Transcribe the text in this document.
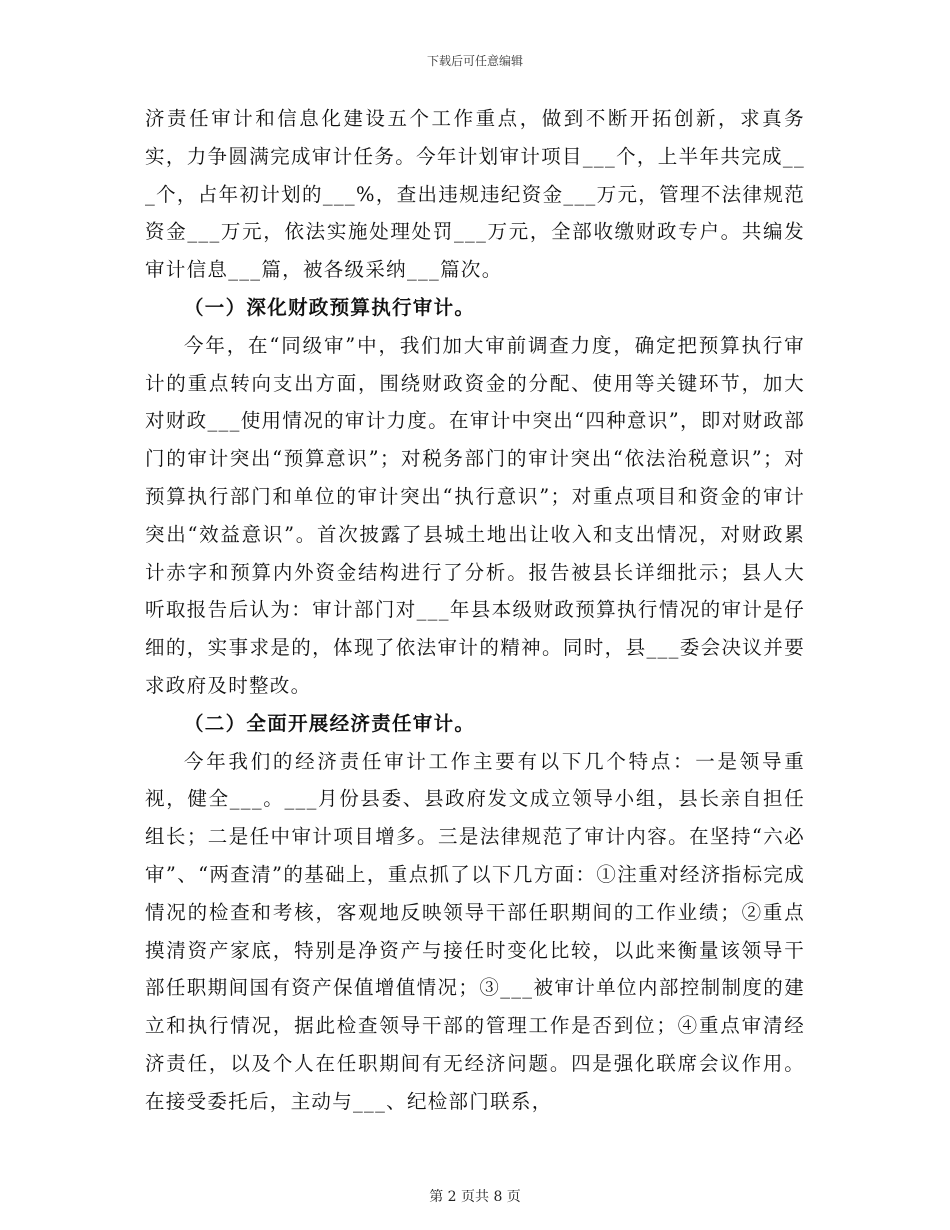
下载后可任意编辑

济责任审计和信息化建设五个工作重点，做到不断开拓创新，求真务实，力争圆满完成审计任务。今年计划审计项目___个，上半年共完成___个，占年初计划的___%，查出违规违纪资金___万元，管理不法律规范资金___万元，依法实施处理处罚___万元，全部收缴财政专户。共编发审计信息___篇，被各级采纳___篇次。

（一）深化财政预算执行审计。

今年，在“同级审”中，我们加大审前调查力度，确定把预算执行审计的重点转向支出方面，围绕财政资金的分配、使用等关键环节，加大对财政___使用情况的审计力度。在审计中突出“四种意识”，即对财政部门的审计突出“预算意识”；对税务部门的审计突出“依法治税意识”；对预算执行部门和单位的审计突出“执行意识”；对重点项目和资金的审计突出“效益意识”。首次披露了县城土地出让收入和支出情况，对财政累计赤字和预算内外资金结构进行了分析。报告被县长详细批示；县人大听取报告后认为：审计部门对___年县本级财政预算执行情况的审计是仔细的，实事求是的，体现了依法审计的精神。同时，县___委会决议并要求政府及时整改。

（二）全面开展经济责任审计。

今年我们的经济责任审计工作主要有以下几个特点：一是领导重视，健全___。___月份县委、县政府发文成立领导小组，县长亲自担任组长；二是任中审计项目增多。三是法律规范了审计内容。在坚持“六必审”、“两查清”的基础上，重点抓了以下几方面：①注重对经济指标完成情况的检查和考核，客观地反映领导干部任职期间的工作业绩；②重点摸清资产家底，特别是净资产与接任时变化比较，以此来衡量该领导干部任职期间国有资产保值增值情况；③___被审计单位内部控制制度的建立和执行情况，据此检查领导干部的管理工作是否到位；④重点审清经济责任，以及个人在任职期间有无经济问题。四是强化联席会议作用。在接受委托后，主动与___、纪检部门联系，

第 2 页共 8 页
